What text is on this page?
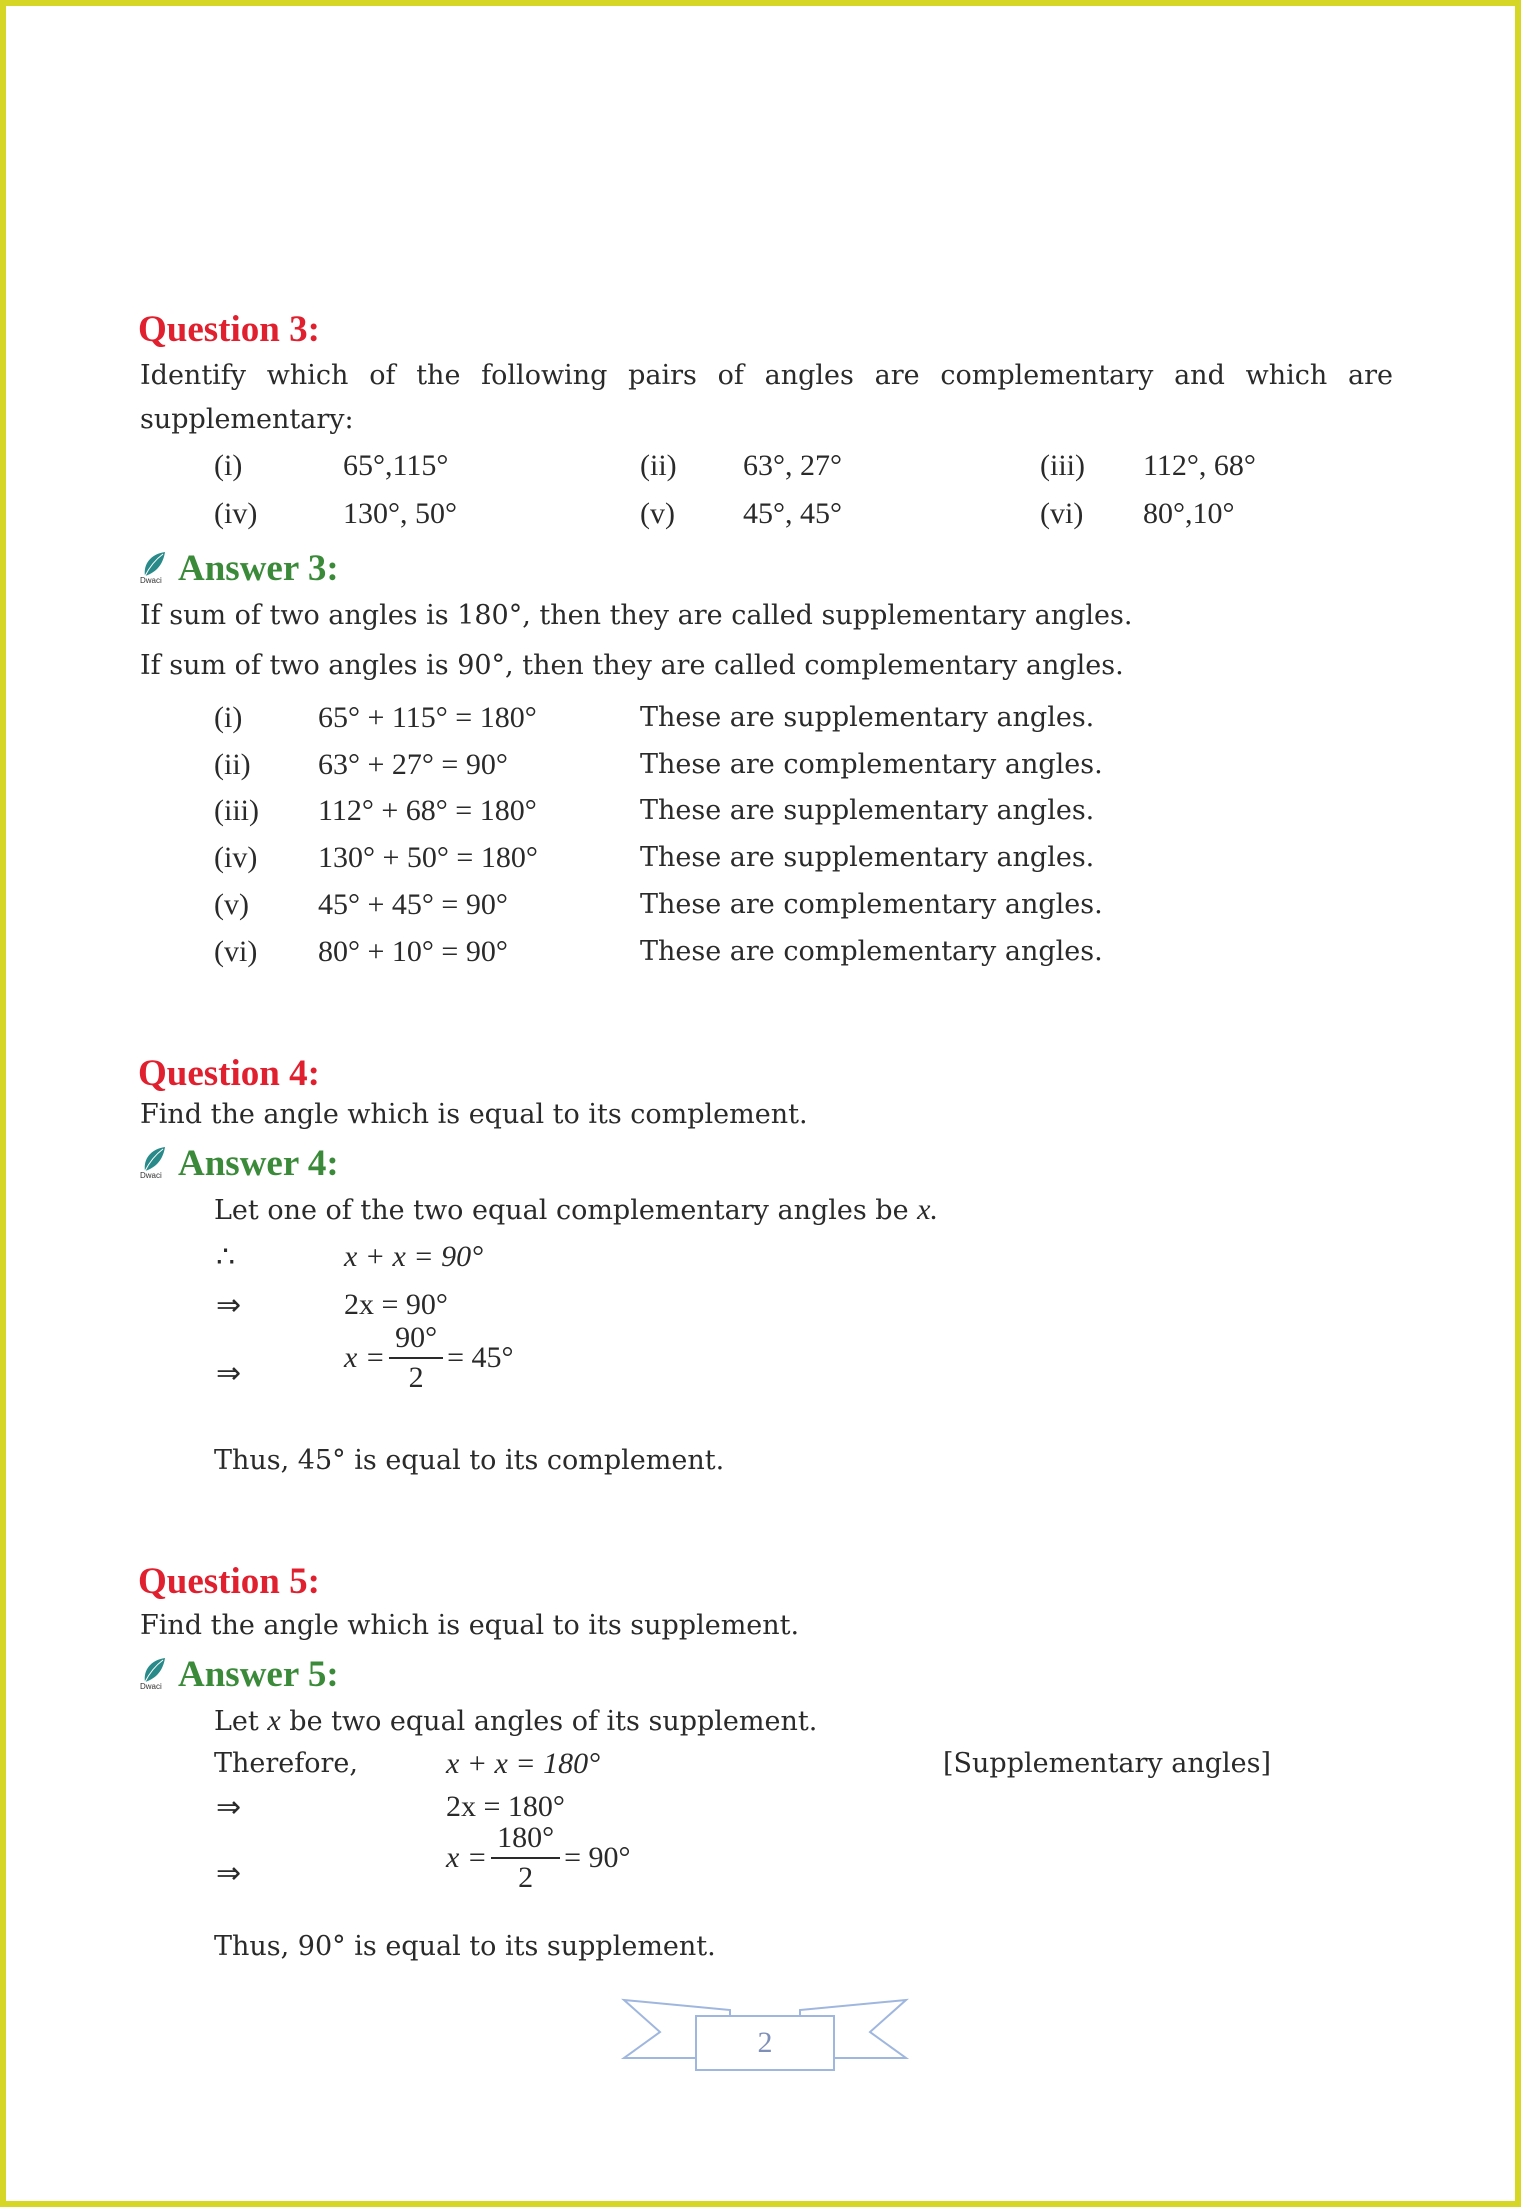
Question 3:
Identify which of the following pairs of angles are complementary and which are
supplementary:
(i)	65°,115°	(ii) 63°, 27°	(iii) 112°, 68°
(iv)	130°, 50°	(v) 45°, 45°	(vi) 80°,10°
Dwaci Answer 3:
If sum of two angles is 180°, then they are called supplementary angles.
If sum of two angles is 90°, then they are called complementary angles.
(i)	65° + 115° = 180°	These are supplementary angles.
(ii) 63° + 27° = 90°	These are complementary angles.
(iii) 112° + 68° = 180°	These are supplementary angles.
(iv) 130° + 50° = 180°	These are supplementary angles.
(v) 45° + 45° = 90°	These are complementary angles.
(vi) 80° + 10° = 90°	These are complementary angles.
Question 4:
Find the angle which is equal to its complement.
Dwaci Answer 4:
Let one of the two equal complementary angles be x.
∴	x + x = 90°
⇒	2x = 90°
⇒	$x = \frac{90^\circ}{2} = 45^\circ$
Thus, 45° is equal to its complement.
Question 5:
Find the angle which is equal to its supplement.
Dwaci Answer 5:
Let x be two equal angles of its supplement.
Therefore,	x + x = 180°	[Supplementary angles]
⇒	2x = 180°
⇒	$x = \frac{180^\circ}{2} = 90^\circ$
Thus, 90° is equal to its supplement.
2
